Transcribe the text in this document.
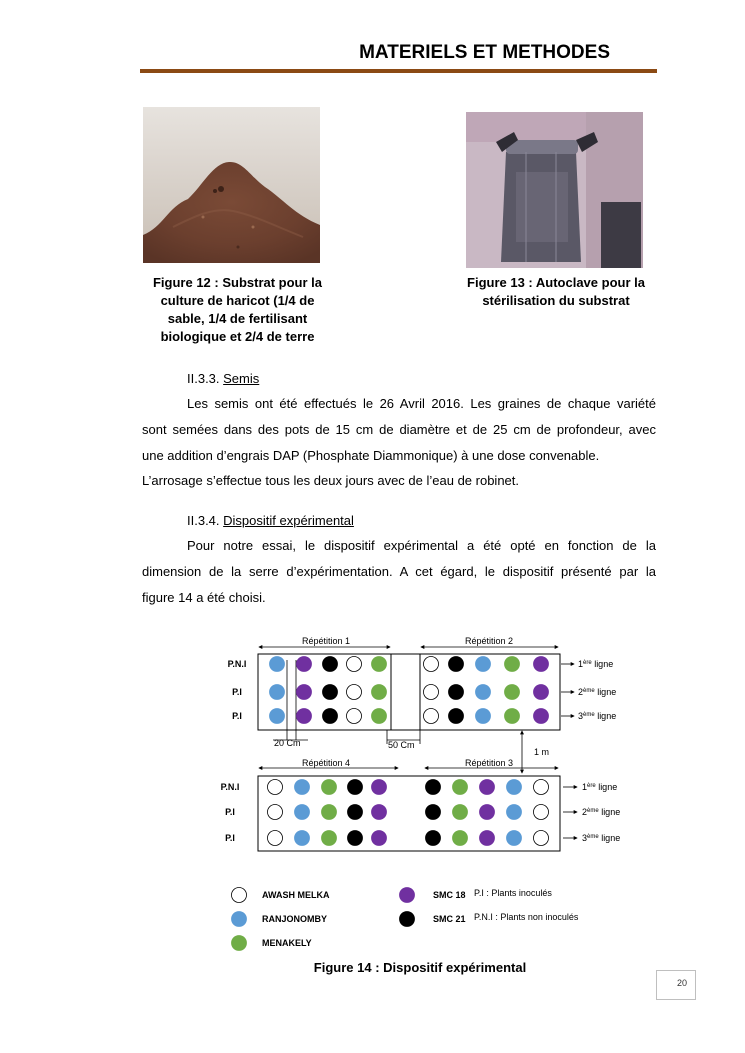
MATERIELS ET METHODES
Figure 12 : Substrat pour la
culture de haricot (1/4 de
sable, 1/4 de fertilisant
biologique et 2/4 de terre
Figure 13 : Autoclave pour la
stérilisation du substrat
II.3.3. Semis
Les semis ont été effectués le 26 Avril 2016. Les graines de chaque variété
sont semées dans des pots de 15 cm de diamètre et de 25 cm de profondeur, avec
une addition d’engrais DAP (Phosphate Diammonique) à une dose convenable.
L’arrosage s’effectue tous les deux jours avec de l’eau de robinet.
II.3.4. Dispositif expérimental
Pour notre essai, le dispositif expérimental a été opté en fonction de la
dimension de la serre d’expérimentation. A cet égard, le dispositif présenté par la
figure 14 a été choisi.
Répétition 1	Répétition 2
20 Cm	50 Cm
1 m
Répétition 4	Répétition 3
P.N.I
P.I
P.I
1ère ligne
2ème ligne
3ème ligne
P.N.I
P.I
P.I
1ère ligne
2ème ligne
3ème ligne
AWASH MELKA
RANJONOMBY
MENAKELY
SMC 18
SMC 21
P.I : Plants inoculés
P.N.I : Plants non inoculés
Figure 14 : Dispositif expérimental
20
